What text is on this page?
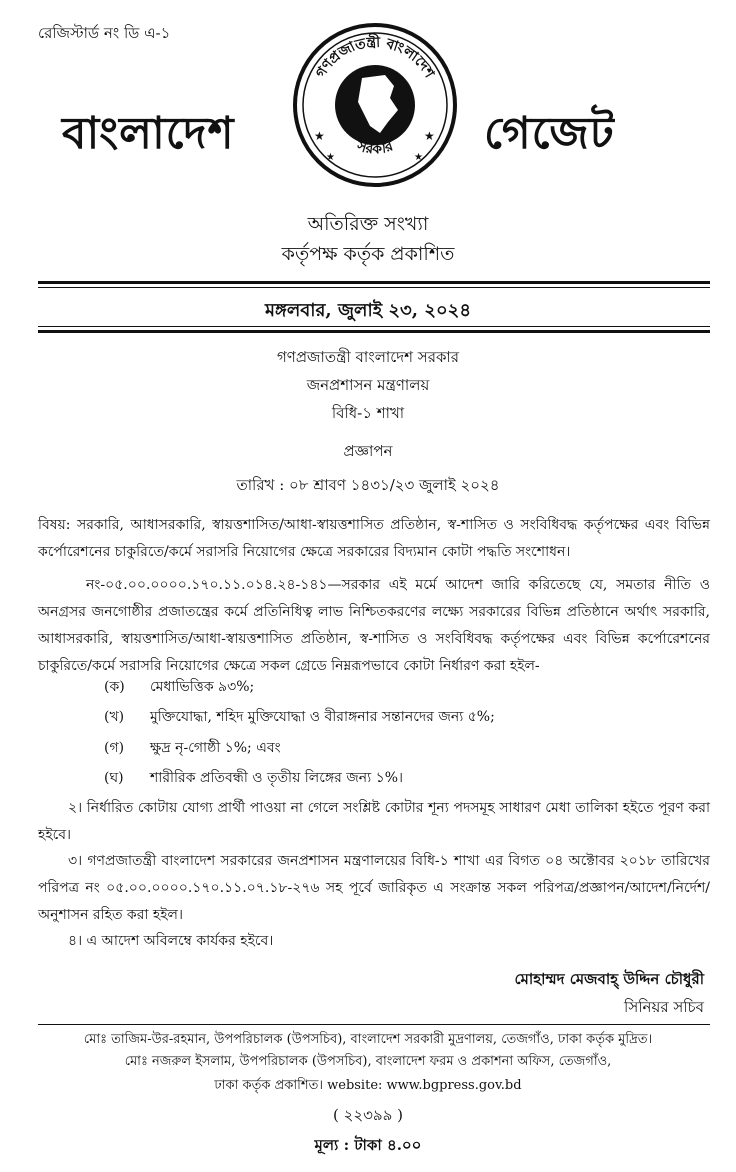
রেজিস্টার্ড নং ডি এ-১
বাংলাদেশ	গেজেট
গণপ্রজাতন্ত্রী বাংলাদেশ
সরকার
★	★
★	★
অতিরিক্ত সংখ্যা
কর্তৃপক্ষ কর্তৃক প্রকাশিত
মঙ্গলবার, জুলাই ২৩, ২০২৪
গণপ্রজাতন্ত্রী বাংলাদেশ সরকার
জনপ্রশাসন মন্ত্রণালয়
বিধি-১ শাখা
প্রজ্ঞাপন
তারিখ : ০৮ শ্রাবণ ১৪৩১/২৩ জুলাই ২০২৪
বিষয়: সরকারি, আধাসরকারি, স্বায়ত্তশাসিত/আধা-স্বায়ত্তশাসিত প্রতিষ্ঠান, স্ব-শাসিত ও সংবিধিবদ্ধ কর্তৃপক্ষের এবং বিভিন্ন কর্পোরেশনের চাকুরিতে/কর্মে সরাসরি নিয়োগের ক্ষেত্রে সরকারের বিদ্যমান কোটা পদ্ধতি সংশোধন।
নং-০৫.০০.০০০০.১৭০.১১.০১৪.২৪-১৪১—সরকার এই মর্মে আদেশ জারি করিতেছে যে, সমতার নীতি ও অনগ্রসর জনগোষ্ঠীর প্রজাতন্ত্রের কর্মে প্রতিনিধিত্ব লাভ নিশ্চিতকরণের লক্ষ্যে সরকারের বিভিন্ন প্রতিষ্ঠানে অর্থাৎ সরকারি, আধাসরকারি, স্বায়ত্তশাসিত/আধা-স্বায়ত্তশাসিত প্রতিষ্ঠান, স্ব-শাসিত ও সংবিধিবদ্ধ কর্তৃপক্ষের এবং বিভিন্ন কর্পোরেশনের চাকুরিতে/কর্মে সরাসরি নিয়োগের ক্ষেত্রে সকল গ্রেডে নিম্নরূপভাবে কোটা নির্ধারণ করা হইল-
(ক) মেধাভিত্তিক ৯৩%;
(খ) মুক্তিযোদ্ধা, শহিদ মুক্তিযোদ্ধা ও বীরাঙ্গনার সন্তানদের জন্য ৫%;
(গ) ক্ষুদ্র নৃ-গোষ্ঠী ১%; এবং
(ঘ) শারীরিক প্রতিবন্ধী ও তৃতীয় লিঙ্গের জন্য ১%।
২। নির্ধারিত কোটায় যোগ্য প্রার্থী পাওয়া না গেলে সংশ্লিষ্ট কোটার শূন্য পদসমূহ সাধারণ মেধা তালিকা হইতে পূরণ করা হইবে।
৩। গণপ্রজাতন্ত্রী বাংলাদেশ সরকারের জনপ্রশাসন মন্ত্রণালয়ের বিধি-১ শাখা এর বিগত ০৪ অক্টোবর ২০১৮ তারিখের পরিপত্র নং ০৫.০০.০০০০.১৭০.১১.০৭.১৮-২৭৬ সহ পূর্বে জারিকৃত এ সংক্রান্ত সকল পরিপত্র/প্রজ্ঞাপন/আদেশ/নির্দেশ/অনুশাসন রহিত করা হইল।
৪। এ আদেশ অবিলম্বে কার্যকর হইবে।
মোহাম্মদ মেজবাহ্ উদ্দিন চৌধুরী
সিনিয়র সচিব
মোঃ তাজিম-উর-রহমান, উপপরিচালক (উপসচিব), বাংলাদেশ সরকারী মুদ্রণালয়, তেজগাঁও, ঢাকা কর্তৃক মুদ্রিত।
মোঃ নজরুল ইসলাম, উপপরিচালক (উপসচিব), বাংলাদেশ ফরম ও প্রকাশনা অফিস, তেজগাঁও,
ঢাকা কর্তৃক প্রকাশিত। website: www.bgpress.gov.bd
( ২২৩৯৯ )
মূল্য : টাকা ৪.০০
